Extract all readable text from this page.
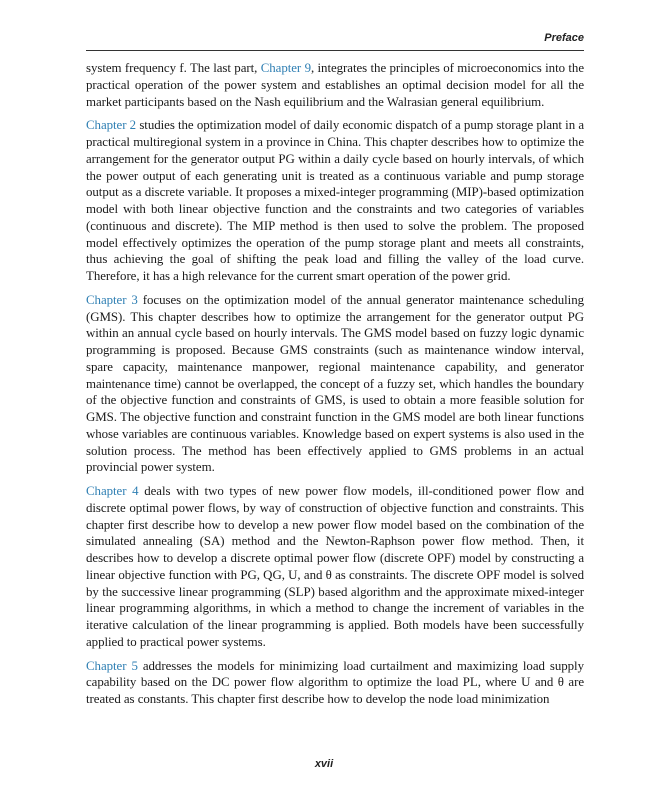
Preface

system frequency f. The last part, Chapter 9, integrates the principles of microeconomics into the practical operation of the power system and establishes an optimal decision model for all the market participants based on the Nash equilibrium and the Walrasian general equilibrium.

Chapter 2 studies the optimization model of daily economic dispatch of a pump storage plant in a practical multiregional system in a province in China. This chapter describes how to optimize the arrangement for the generator output PG within a daily cycle based on hourly intervals, of which the power output of each generating unit is treated as a continuous variable and pump storage output as a discrete variable. It proposes a mixed-integer programming (MIP)-based optimization model with both linear objective function and the constraints and two categories of variables (continuous and discrete). The MIP method is then used to solve the problem. The proposed model effectively optimizes the operation of the pump storage plant and meets all constraints, thus achieving the goal of shifting the peak load and filling the valley of the load curve. Therefore, it has a high relevance for the current smart operation of the power grid.

Chapter 3 focuses on the optimization model of the annual generator maintenance scheduling (GMS). This chapter describes how to optimize the arrangement for the generator output PG within an annual cycle based on hourly intervals. The GMS model based on fuzzy logic dynamic programming is proposed. Because GMS constraints (such as maintenance window interval, spare capacity, maintenance manpower, regional maintenance capability, and generator maintenance time) cannot be overlapped, the concept of a fuzzy set, which handles the boundary of the objective function and constraints of GMS, is used to obtain a more feasible solution for GMS. The objective function and constraint function in the GMS model are both linear functions whose variables are continuous variables. Knowledge based on expert systems is also used in the solution process. The method has been effectively applied to GMS problems in an actual provincial power system.

Chapter 4 deals with two types of new power flow models, ill-conditioned power flow and discrete optimal power flows, by way of construction of objective function and constraints. This chapter first describe how to develop a new power flow model based on the combination of the simulated annealing (SA) method and the Newton-Raphson power flow method. Then, it describes how to develop a discrete optimal power flow (discrete OPF) model by constructing a linear objective function with PG, QG, U, and θ as constraints. The discrete OPF model is solved by the successive linear programming (SLP) based algorithm and the approximate mixed-integer linear programming algorithms, in which a method to change the increment of variables in the iterative calculation of the linear programming is applied. Both models have been successfully applied to practical power systems.

Chapter 5 addresses the models for minimizing load curtailment and maximizing load supply capability based on the DC power flow algorithm to optimize the load PL, where U and θ are treated as constants. This chapter first describe how to develop the node load minimization

xvii
